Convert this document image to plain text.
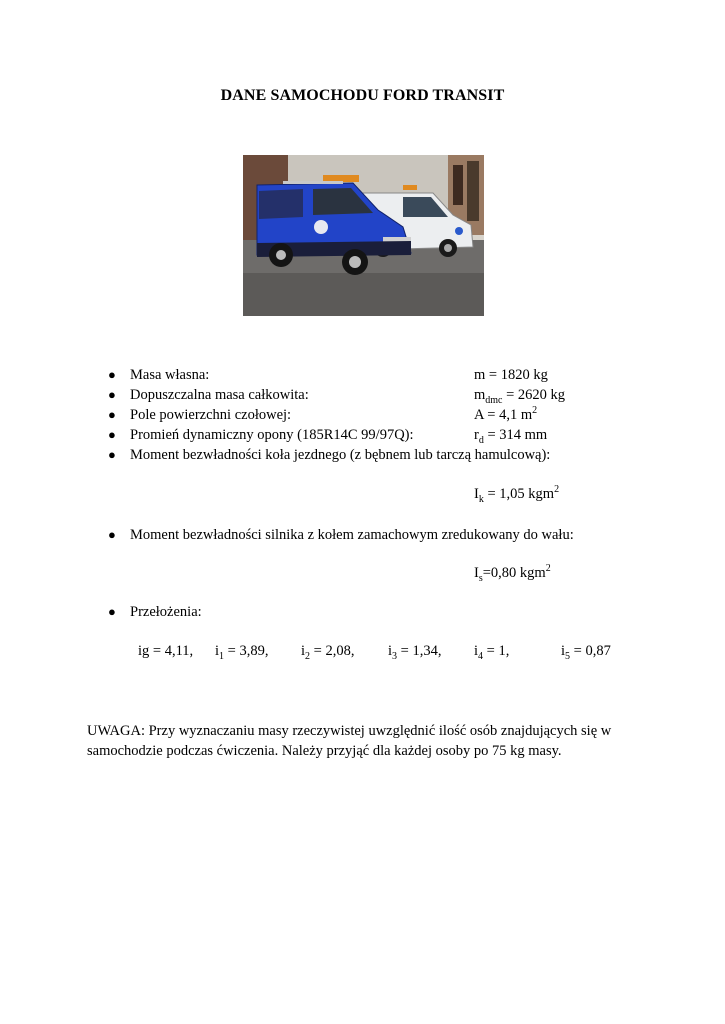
DANE SAMOCHODU FORD TRANSIT
● Masa własna:	m = 1820 kg
● Dopuszczalna masa całkowita:	$m_{dmc} = 2620$ kg
● Pole powierzchni czołowej:	A = 4,1 $m^2$
● Promień dynamiczny opony (185R14C 99/97Q):	$r_d = 314$ mm
● Moment bezwładności koła jezdnego (z bębnem lub tarczą hamulcową):
$I_k = 1,05$ kgm$^2$
● Moment bezwładności silnika z kołem zamachowym zredukowany do wału:
$I_s=0,80$ kgm$^2$
● Przełożenia:
ig = 4,11, $i_1 = 3,89$, $i_2 = 2,08$, $i_3 = 1,34$, $i_4 = 1$,	$i_5 = 0,87$

UWAGA: Przy wyznaczaniu masy rzeczywistej uwzględnić ilość osób znajdujących się w samochodzie podczas ćwiczenia. Należy przyjąć dla każdej osoby po 75 kg masy.
